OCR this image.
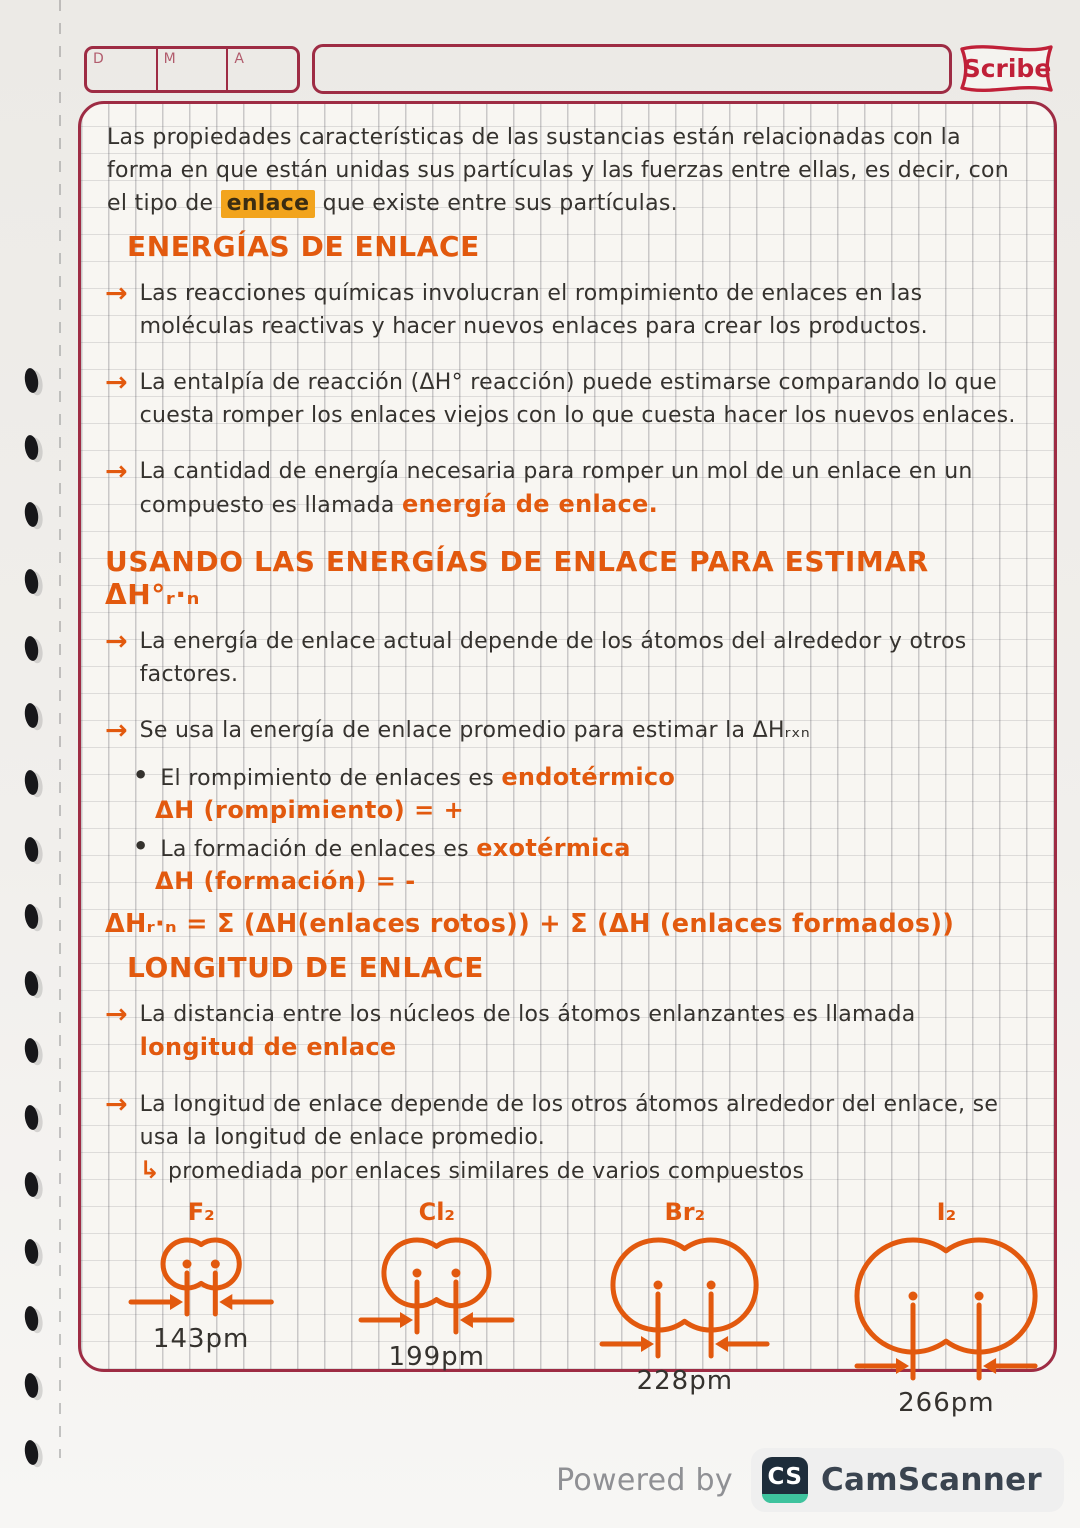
D	M	A	Scribe

Las propiedades características de las sustancias están relacionadas con la forma en que están unidas sus partículas y las fuerzas entre ellas, es decir, con el tipo de enlace que existe entre sus partículas.

ENERGÍAS DE ENLACE
→ Las reacciones químicas involucran el rompimiento de enlaces en las moléculas reactivas y hacer nuevos enlaces para crear los productos.
→ La entalpía de reacción (ΔH° reacción) puede estimarse comparando lo que cuesta romper los enlaces viejos con lo que cuesta hacer los nuevos enlaces.
→ La cantidad de energía necesaria para romper un mol de un enlace en un compuesto es llamada energía de enlace.
USANDO LAS ENERGÍAS DE ENLACE PARA ESTIMAR ΔH°ᵣ·ₙ
→ La energía de enlace actual depende de los átomos del alrededor y otros factores.
→ Se usa la energía de enlace promedio para estimar la ΔHᵣₓₙ
• El rompimiento de enlaces es endotérmico
ΔH (rompimiento) = +
• La formación de enlaces es exotérmica
ΔH (formación) = -
ΔHᵣ·ₙ = Σ (ΔH(enlaces rotos)) + Σ (ΔH (enlaces formados))
LONGITUD DE ENLACE
→ La distancia entre los núcleos de los átomos enlanzantes es llamada longitud de enlace
→ La longitud de enlace depende de los otros átomos alrededor del enlace, se usa la longitud de enlace promedio.
↳ promediada por enlaces similares de varios compuestos
F₂
143pm
Cl₂
199pm
Br₂
228pm
I₂
266pm
Powered by CS CamScanner
